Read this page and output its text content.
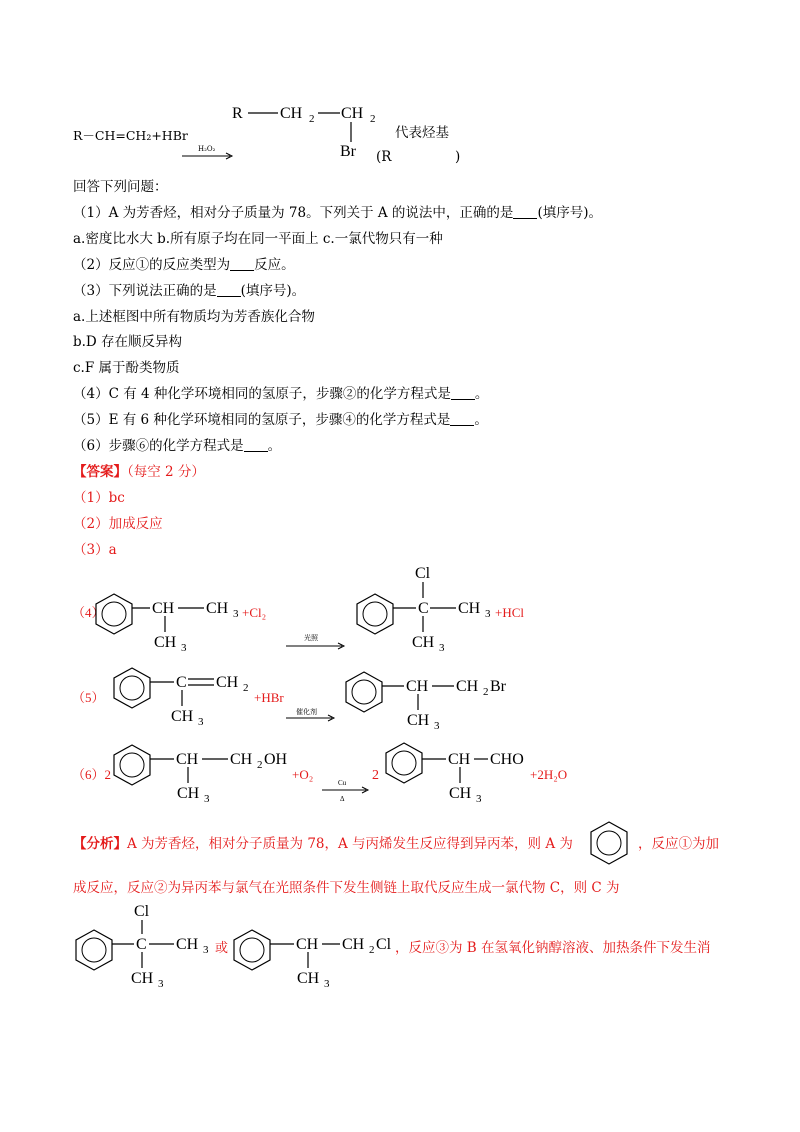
R－CH=CH₂+HBr
H₂O₂
R CH 2 CH 2
Br
代表烃基
(R	)
回答下列问题：
（1）A 为芳香烃，相对分子质量为 78。下列关于 A 的说法中，正确的是 (填序号)。
a.密度比水大 b.所有原子均在同一平面上 c.一氯代物只有一种
（2）反应①的反应类型为 反应。
（3）下列说法正确的是 (填序号)。
a.上述框图中所有物质均为芳香族化合物
b.D 存在顺反异构
c.F 属于酚类物质
（4）C 有 4 种化学环境相同的氢原子，步骤②的化学方程式是 。
（5）E 有 6 种化学环境相同的氢原子，步骤④的化学方程式是 。
（6）步骤⑥的化学方程式是 。
【答案】（每空 2 分）
（1）bc
（2）加成反应
（3）a
（4）	CH CH 3
CH 3
+Cl₂
光照
C
Cl
CH 3
CH 3
+HCl
（5）
C CH 2
CH 3
+HBr
催化剂
CH CH 2 Br
CH 3
（6）2
CH CH 2 OH
CH 3
+O₂
Cu
Δ
2
CH CHO
CH 3
+2H₂O
【分析】A 为芳香烃，相对分子质量为 78，A 与丙烯发生反应得到异丙苯，则 A 为	，反应①为加
成反应，反应②为异丙苯与氯气在光照条件下发生侧链上取代反应生成一氯代物 C，则 C 为
C
Cl
CH 3
CH 3
或	CH CH 2 Cl
CH 3
，反应③为 B 在氢氧化钠醇溶液、加热条件下发生消
